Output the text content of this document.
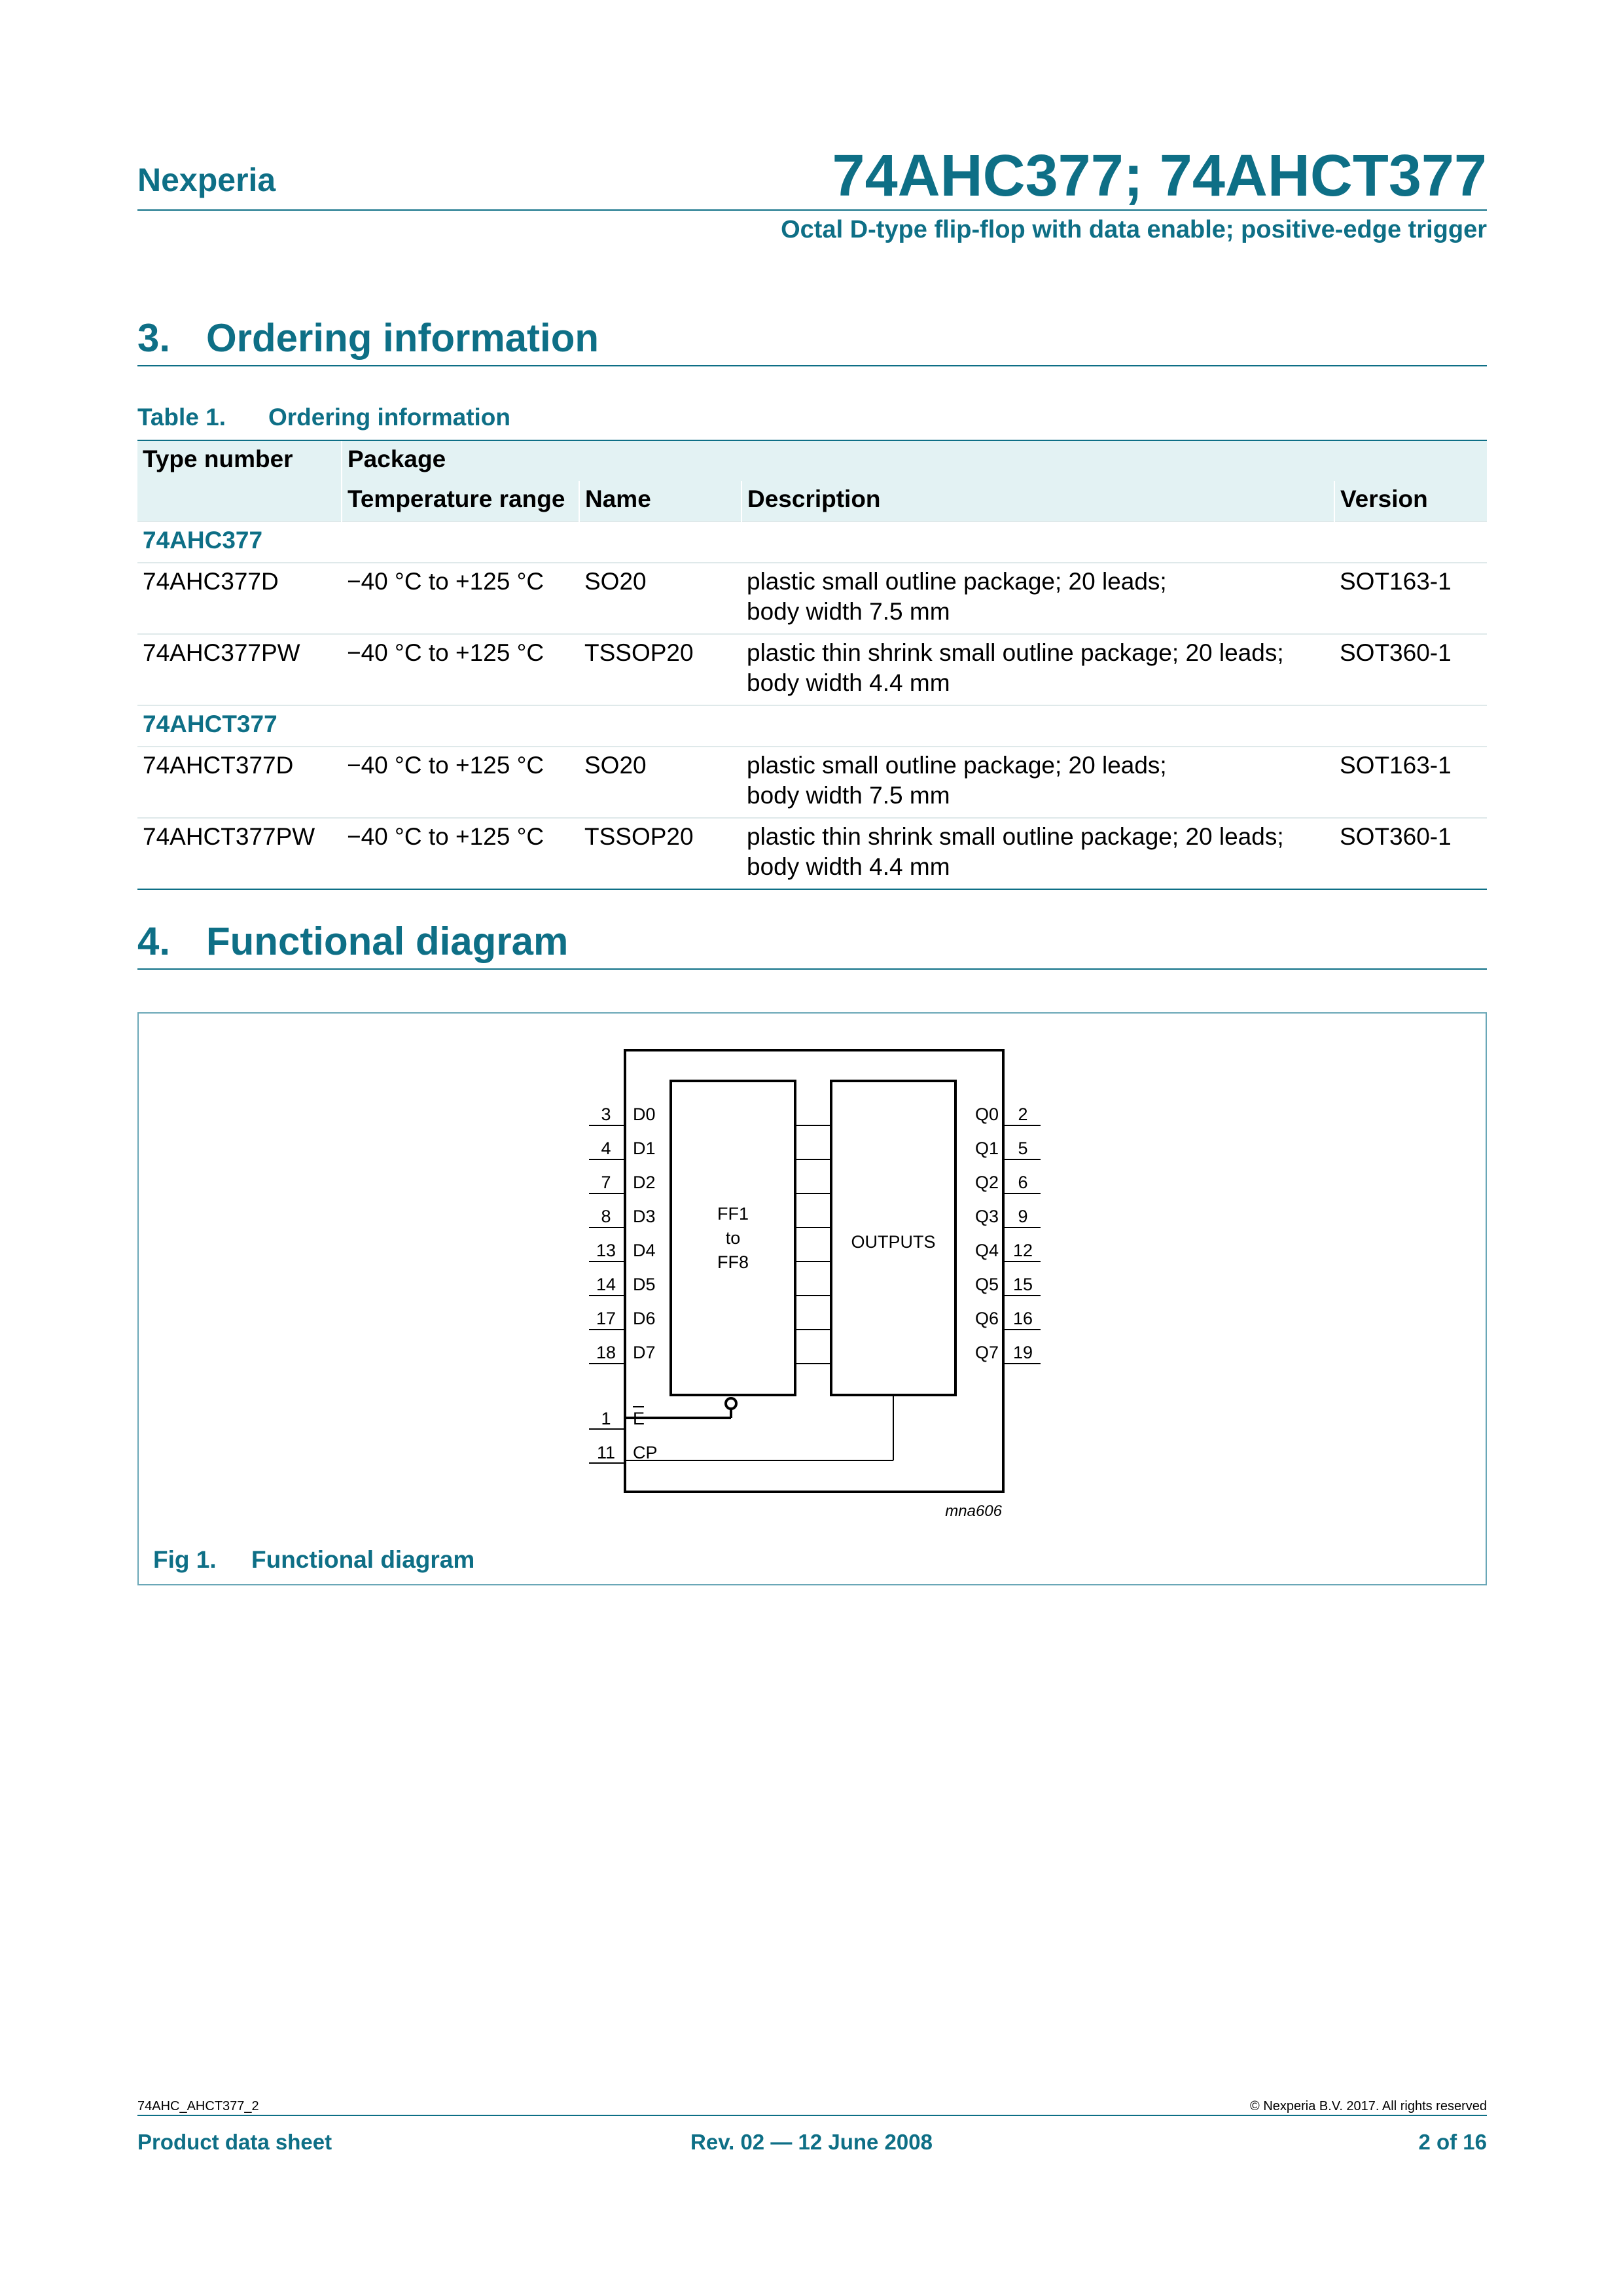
Nexperia	74AHC377; 74AHCT377
Octal D-type flip-flop with data enable; positive-edge trigger
3. Ordering information
Table 1. Ordering information
Type number	Package			
	Temperature range	Name	Description	Version
74AHC377				
74AHC377D	−40 °C to +125 °C	SO20	plastic small outline package; 20 leads;
body width 7.5 mm	SOT163-1
74AHC377PW	−40 °C to +125 °C	TSSOP20	plastic thin shrink small outline package; 20 leads;
body width 4.4 mm	SOT360-1
74AHCT377				
74AHCT377D	−40 °C to +125 °C	SO20	plastic small outline package; 20 leads;
body width 7.5 mm	SOT163-1
74AHCT377PW	−40 °C to +125 °C	TSSOP20	plastic thin shrink small outline package; 20 leads;
body width 4.4 mm	SOT360-1
4. Functional diagram
3 D0	Q0 2
4 D1	Q1 5
7 D2	Q2 6
8 D3	Q3 9
13 D4	Q4 12
14 D5	Q5 15
17 D6	Q6 16
18 D7	Q7 19
FF1
to
FF8
OUTPUTS
1 E
11 CP
mna606
Fig 1. Functional diagram
74AHC_AHCT377_2	© Nexperia B.V. 2017. All rights reserved
Product data sheet	Rev. 02 — 12 June 2008	2 of 16
